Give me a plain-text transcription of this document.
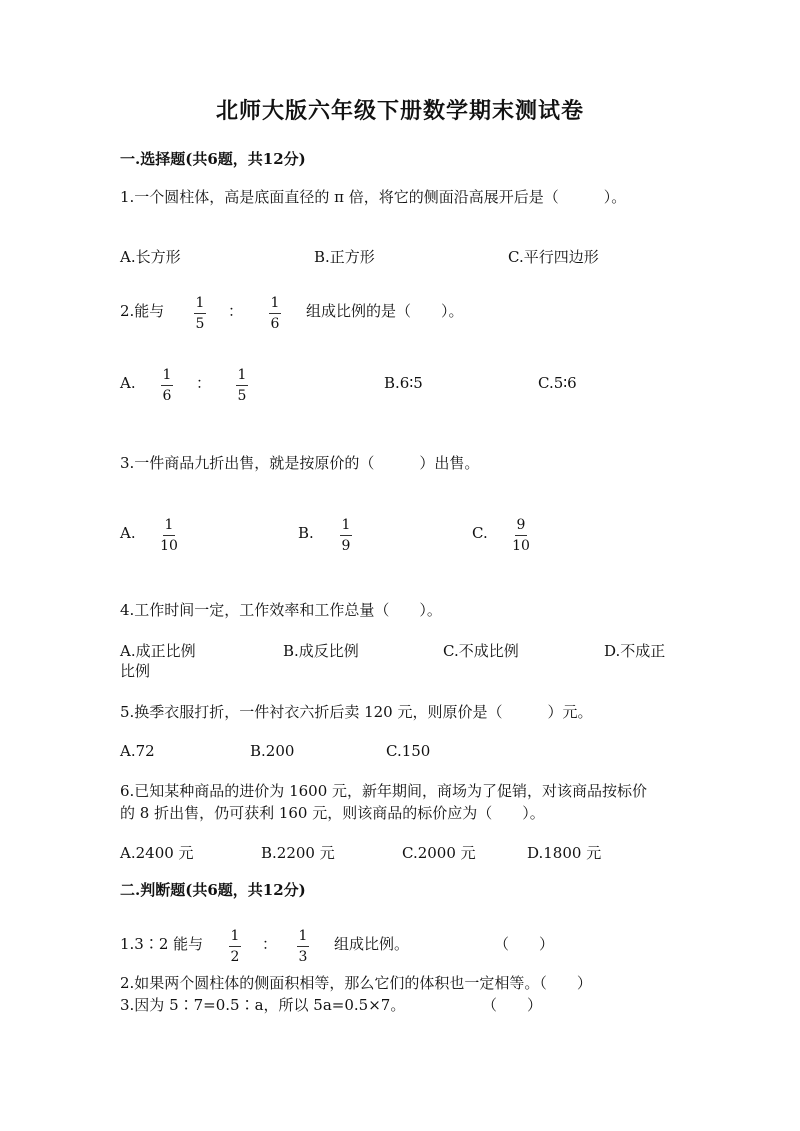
北师大版六年级下册数学期末测试卷
一.选择题(共6题，共12分)
1.一个圆柱体，高是底面直径的 π 倍，将它的侧面沿高展开后是（　　　）。
A.长方形	B.正方形	C.平行四边形
2.能与	1
5
：	1
6
组成比例的是（　　）。
A.	1
6
：	1
5
B.6∶5	C.5∶6
3.一件商品九折出售，就是按原价的（　　　）出售。
A.	1
10
B.	1
9
C.	9
10
4.工作时间一定，工作效率和工作总量（　　）。
A.成正比例	B.成反比例	C.不成比例	D.不成正
比例
5.换季衣服打折，一件衬衣六折后卖 120 元，则原价是（　　　）元。
A.72	B.200	C.150
6.已知某种商品的进价为 1600 元，新年期间，商场为了促销，对该商品按标价
的 8 折出售，仍可获利 160 元，则该商品的标价应为（　　）。
A.2400 元	B.2200 元	C.2000 元	D.1800 元
二.判断题(共6题，共12分)
1.3∶2 能与	1
2
：	1
3
组成比例。	（　　）
2.如果两个圆柱体的侧面积相等，那么它们的体积也一定相等。（　　）
3.因为 5∶7=0.5∶a，所以 5a=0.5×7。	（　　）
